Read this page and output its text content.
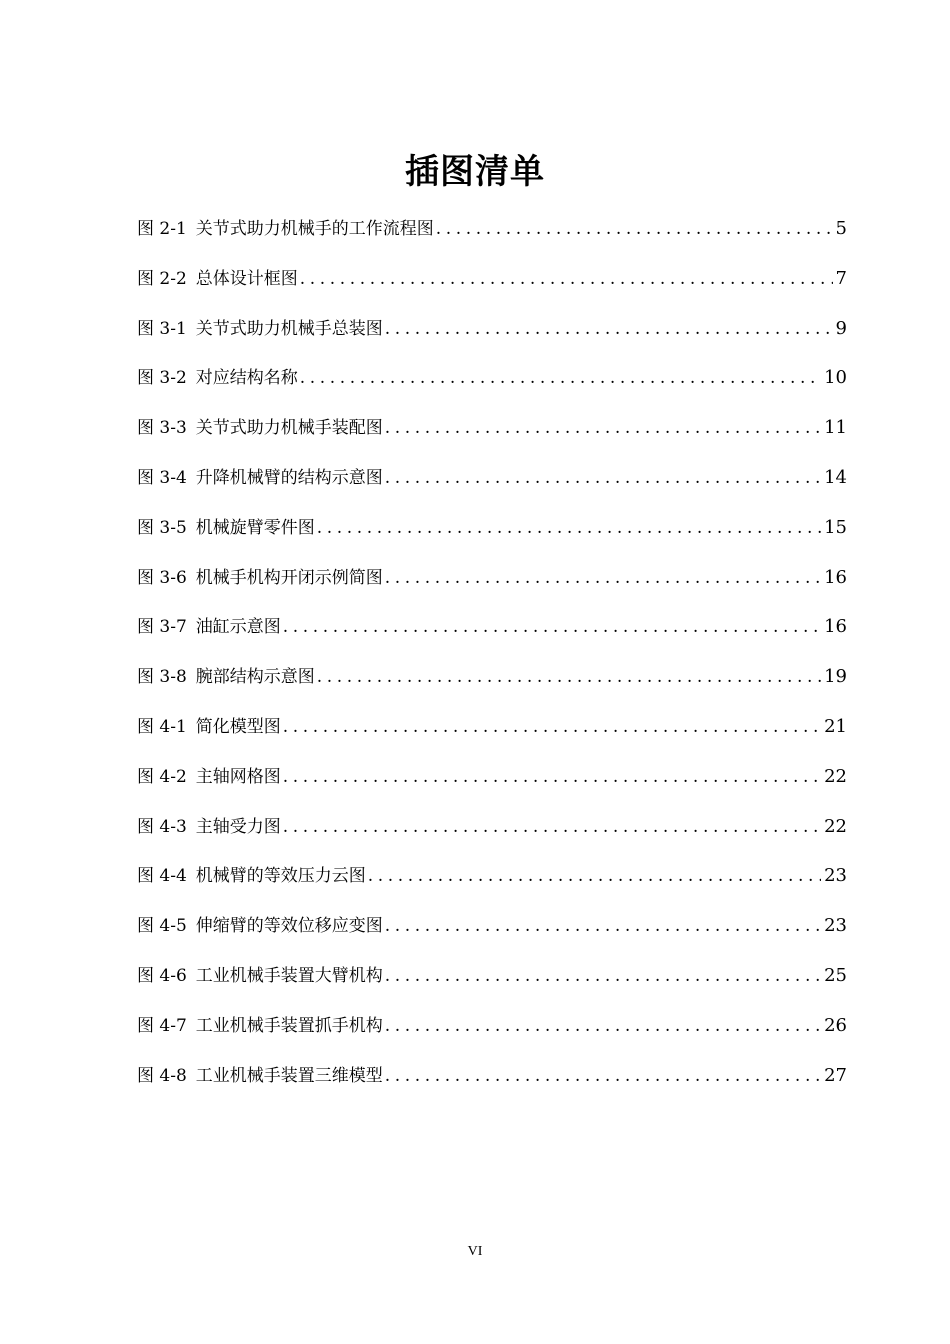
插图清单
图 2-1 关节式助力机械手的工作流程图 .....	5
图 2-2 总体设计框图 .....	7
图 3-1 关节式助力机械手总装图 .....	9
图 3-2 对应结构名称 .....	10
图 3-3 关节式助力机械手装配图 .....	11
图 3-4 升降机械臂的结构示意图 .....	14
图 3-5 机械旋臂零件图 .....	15
图 3-6 机械手机构开闭示例简图 .....	16
图 3-7 油缸示意图 .....	16
图 3-8 腕部结构示意图 .....	19
图 4-1 简化模型图 .....	21
图 4-2 主轴网格图 .....	22
图 4-3 主轴受力图 .....	22
图 4-4 机械臂的等效压力云图 .....	23
图 4-5 伸缩臂的等效位移应变图 .....	23
图 4-6 工业机械手装置大臂机构 .....	25
图 4-7 工业机械手装置抓手机构 .....	26
图 4-8 工业机械手装置三维模型 .....	27
VI
